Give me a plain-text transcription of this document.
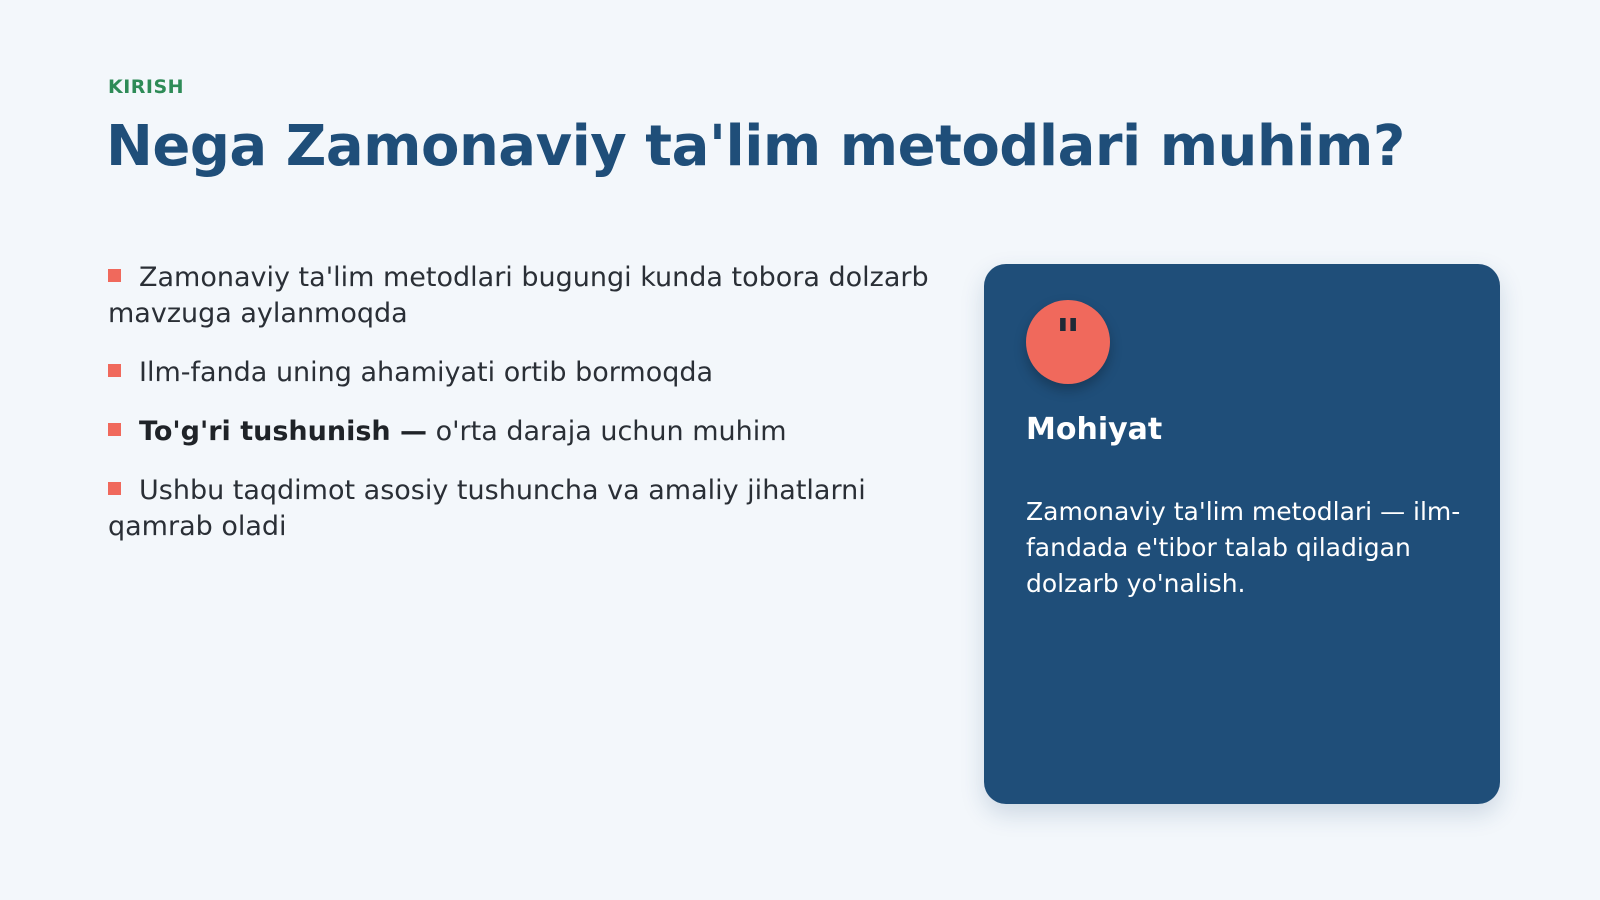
KIRISH
Nega Zamonaviy ta'lim metodlari muhim?
Zamonaviy ta'lim metodlari bugungi kunda tobora dolzarb mavzuga aylanmoqda
Ilm-fanda uning ahamiyati ortib bormoqda
To'g'ri tushunish — o'rta daraja uchun muhim
Ushbu taqdimot asosiy tushuncha va amaliy jihatlarni qamrab oladi
"
Mohiyat
Zamonaviy ta'lim metodlari — ilm-fandada e'tibor talab qiladigan dolzarb yo'nalish.
